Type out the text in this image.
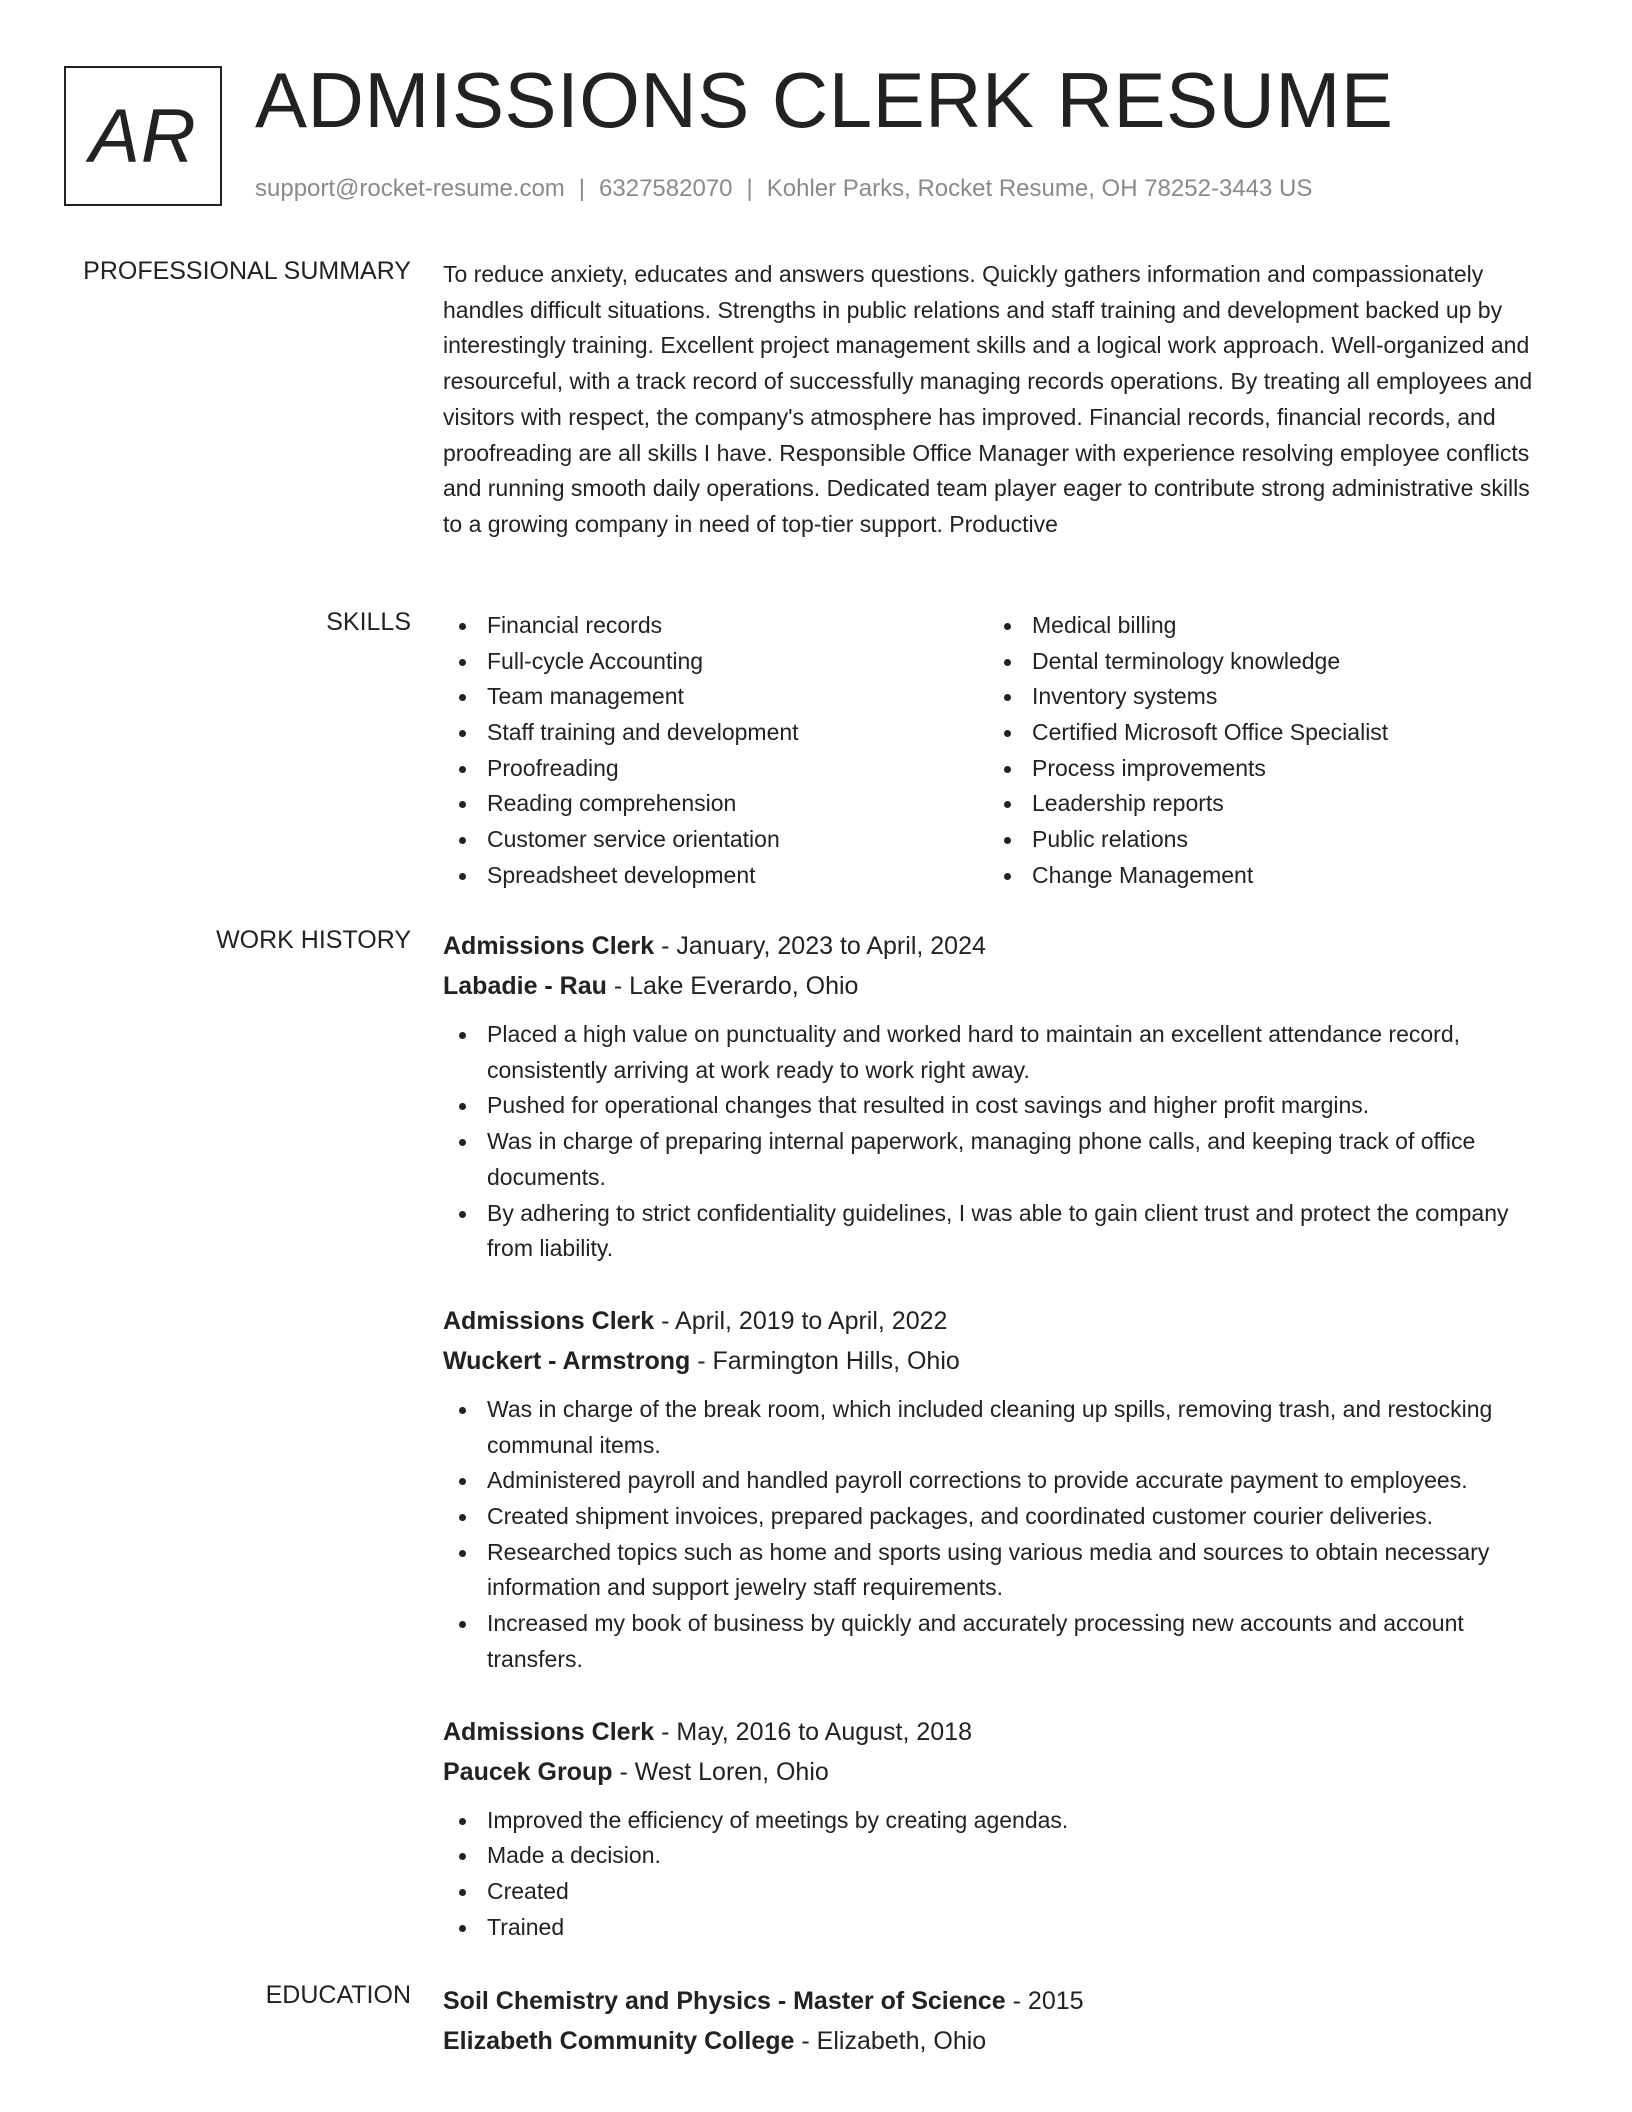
AR ADMISSIONS CLERK RESUME
support@rocket-resume.com | 6327582070 | Kohler Parks, Rocket Resume, OH 78252-3443 US
PROFESSIONAL SUMMARY To reduce anxiety, educates and answers questions. Quickly gathers information and compassionately handles difficult situations. Strengths in public relations and staff training and development backed up by interestingly training. Excellent project management skills and a logical work approach. Well-organized and resourceful, with a track record of successfully managing records operations. By treating all employees and visitors with respect, the company's atmosphere has improved. Financial records, financial records, and proofreading are all skills I have. Responsible Office Manager with experience resolving employee conflicts and running smooth daily operations. Dedicated team player eager to contribute strong administrative skills to a growing company in need of top-tier support. Productive

SKILLS	Financial records
Full-cycle Accounting
Team management
Staff training and development
Proofreading
Reading comprehension
Customer service orientation
Spreadsheet development
Medical billing
Dental terminology knowledge
Inventory systems
Certified Microsoft Office Specialist
Process improvements
Leadership reports
Public relations
Change Management
WORK HISTORY Admissions Clerk - January, 2023 to April, 2024
Labadie - Rau - Lake Everardo, Ohio
Placed a high value on punctuality and worked hard to maintain an excellent attendance record, consistently arriving at work ready to work right away.
Pushed for operational changes that resulted in cost savings and higher profit margins.
Was in charge of preparing internal paperwork, managing phone calls, and keeping track of office documents.
By adhering to strict confidentiality guidelines, I was able to gain client trust and protect the company from liability.
Admissions Clerk - April, 2019 to April, 2022
Wuckert - Armstrong - Farmington Hills, Ohio
Was in charge of the break room, which included cleaning up spills, removing trash, and restocking communal items.
Administered payroll and handled payroll corrections to provide accurate payment to employees.
Created shipment invoices, prepared packages, and coordinated customer courier deliveries.
Researched topics such as home and sports using various media and sources to obtain necessary information and support jewelry staff requirements.
Increased my book of business by quickly and accurately processing new accounts and account transfers.
Admissions Clerk - May, 2016 to August, 2018
Paucek Group - West Loren, Ohio
Improved the efficiency of meetings by creating agendas.
Made a decision.
Created
Trained
EDUCATION Soil Chemistry and Physics - Master of Science - 2015
Elizabeth Community College - Elizabeth, Ohio
